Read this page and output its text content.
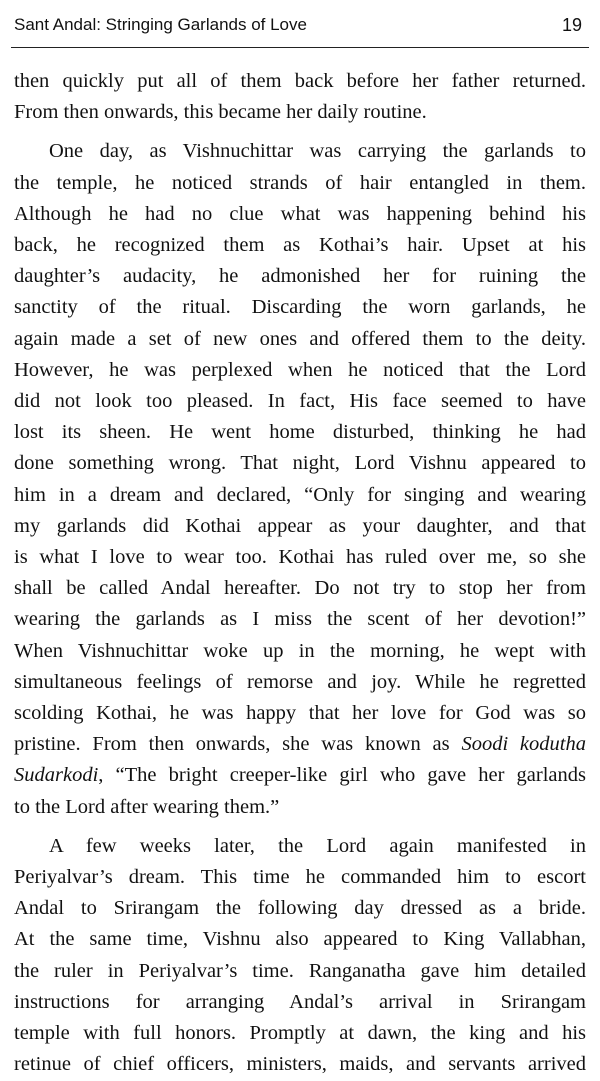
Sant Andal: Stringing Garlands of Love	19

then quickly put all of them back before her father returned.

From then onwards, this became her daily routine.

One day, as Vishnuchittar was carrying the garlands to

the temple, he noticed strands of hair entangled in them.

Although he had no clue what was happening behind his

back, he recognized them as Kothai’s hair. Upset at his

daughter’s audacity, he admonished her for ruining the

sanctity of the ritual. Discarding the worn garlands, he

again made a set of new ones and offered them to the deity.

However, he was perplexed when he noticed that the Lord

did not look too pleased. In fact, His face seemed to have

lost its sheen. He went home disturbed, thinking he had

done something wrong. That night, Lord Vishnu appeared to

him in a dream and declared, “Only for singing and wearing

my garlands did Kothai appear as your daughter, and that

is what I love to wear too. Kothai has ruled over me, so she

shall be called Andal hereafter. Do not try to stop her from

wearing the garlands as I miss the scent of her devotion!”

When Vishnuchittar woke up in the morning, he wept with

simultaneous feelings of remorse and joy. While he regretted

scolding Kothai, he was happy that her love for God was so

pristine. From then onwards, she was known as Soodi kodutha

Sudarkodi, “The bright creeper-like girl who gave her garlands

to the Lord after wearing them.”

A few weeks later, the Lord again manifested in

Periyalvar’s dream. This time he commanded him to escort

Andal to Srirangam the following day dressed as a bride.

At the same time, Vishnu also appeared to King Vallabhan,

the ruler in Periyalvar’s time. Ranganatha gave him detailed

instructions for arranging Andal’s arrival in Srirangam

temple with full honors. Promptly at dawn, the king and his

retinue of chief officers, ministers, maids, and servants arrived
